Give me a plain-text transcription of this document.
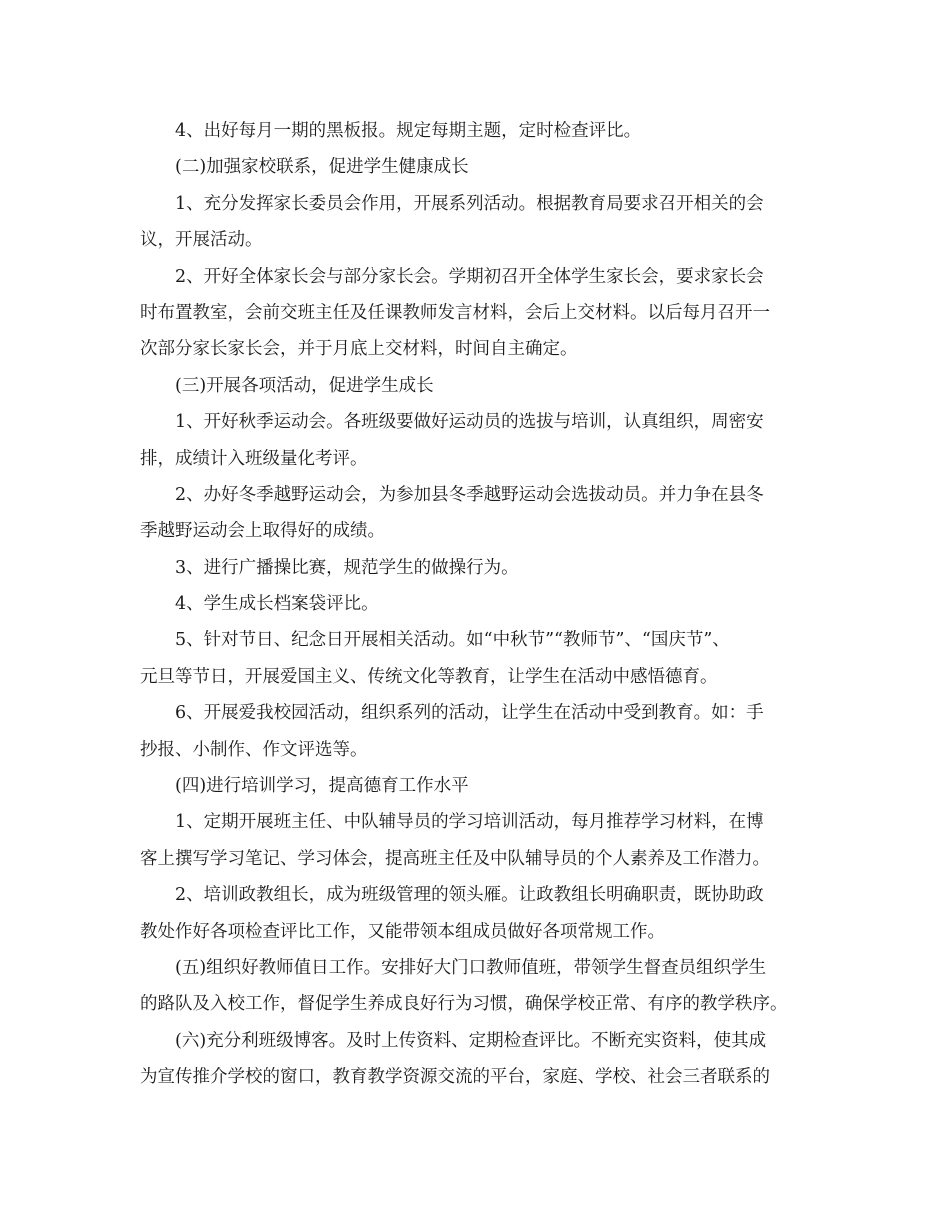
4、出好每月一期的黑板报。规定每期主题，定时检查评比。
(二)加强家校联系，促进学生健康成长
1、充分发挥家长委员会作用，开展系列活动。根据教育局要求召开相关的会
议，开展活动。
2、开好全体家长会与部分家长会。学期初召开全体学生家长会，要求家长会
时布置教室，会前交班主任及任课教师发言材料，会后上交材料。以后每月召开一
次部分家长家长会，并于月底上交材料，时间自主确定。
(三)开展各项活动，促进学生成长
1、开好秋季运动会。各班级要做好运动员的选拔与培训，认真组织，周密安
排，成绩计入班级量化考评。
2、办好冬季越野运动会，为参加县冬季越野运动会选拔动员。并力争在县冬
季越野运动会上取得好的成绩。
3、进行广播操比赛，规范学生的做操行为。
4、学生成长档案袋评比。
5、针对节日、纪念日开展相关活动。如“中秋节”“教师节”、“国庆节”、
元旦等节日，开展爱国主义、传统文化等教育，让学生在活动中感悟德育。
6、开展爱我校园活动，组织系列的活动，让学生在活动中受到教育。如：手
抄报、小制作、作文评选等。
(四)进行培训学习，提高德育工作水平
1、定期开展班主任、中队辅导员的学习培训活动，每月推荐学习材料，在博
客上撰写学习笔记、学习体会，提高班主任及中队辅导员的个人素养及工作潜力。
2、培训政教组长，成为班级管理的领头雁。让政教组长明确职责，既协助政
教处作好各项检查评比工作，又能带领本组成员做好各项常规工作。
(五)组织好教师值日工作。安排好大门口教师值班，带领学生督查员组织学生
的路队及入校工作，督促学生养成良好行为习惯，确保学校正常、有序的教学秩序。
(六)充分利班级博客。及时上传资料、定期检查评比。不断充实资料，使其成
为宣传推介学校的窗口，教育教学资源交流的平台，家庭、学校、社会三者联系的
